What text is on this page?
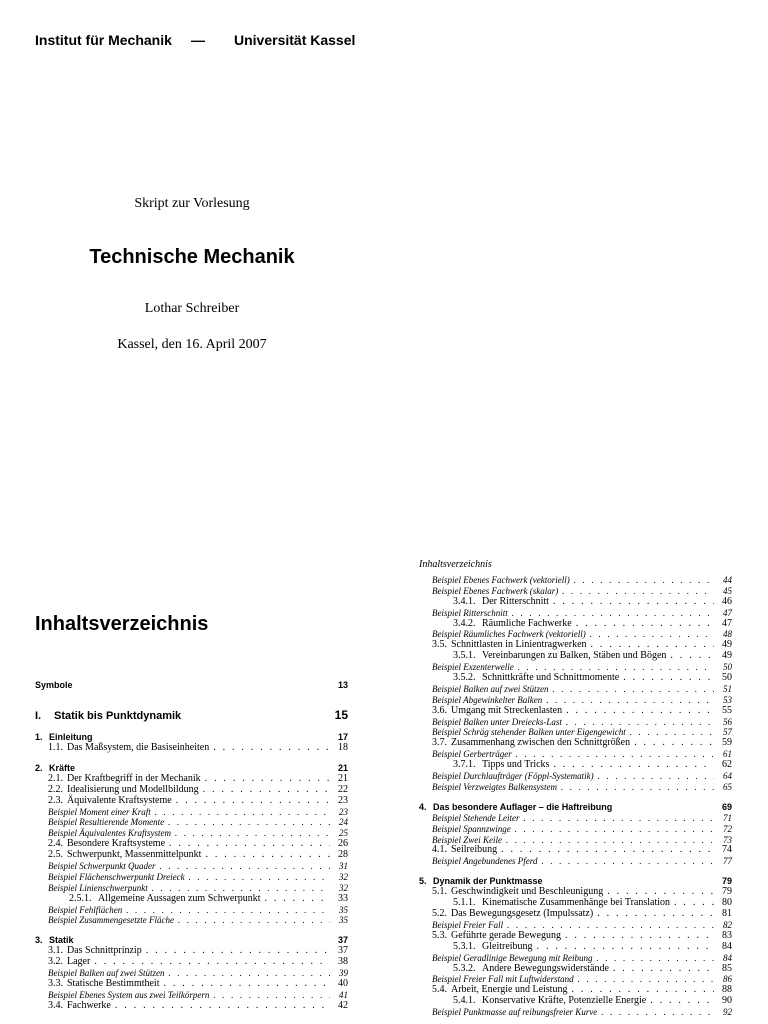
Institut für Mechanik — Universität Kassel
Skript zur Vorlesung
Technische Mechanik
Lothar Schreiber
Kassel, den 16. April 2007
Inhaltsverzeichnis
Symbole	13
I.	Statik bis Punktdynamik	15
1. Einleitung	17
1.1. Das Maßsystem, die Basiseinheiten . . .	18
2. Kräfte	21
2.1. Der Kraftbegriff in der Mechanik . . .	21
2.2. Idealisierung und Modellbildung . . .	22
2.3. Äquivalente Kraftsysteme . . .	23
Beispiel Moment einer Kraft . . .	23
Beispiel Resultierende Momente . . .	24
Beispiel Äquivalentes Kraftsystem . . .	25
2.4. Besondere Kraftsysteme . . .	26
2.5. Schwerpunkt, Massenmittelpunkt . . .	28
Beispiel Schwerpunkt Quader . . .	31
Beispiel Flächenschwerpunkt Dreieck . . .	32
Beispiel Linienschwerpunkt . . .	32
2.5.1. Allgemeine Aussagen zum Schwerpunkt . . .	33
Beispiel Fehlflächen . . .	35
Beispiel Zusammengesetzte Fläche . . .	35
3. Statik	37
3.1. Das Schnittprinzip . . .	37
3.2. Lager . . .	38
Beispiel Balken auf zwei Stützen . . .	39
3.3. Statische Bestimmtheit . . .	40
Beispiel Ebenes System aus zwei Teilkörpern . . .	41
3.4. Fachwerke . . .	42
Inhaltsverzeichnis
Beispiel Ebenes Fachwerk (vektoriell) . . .	44
Beispiel Ebenes Fachwerk (skalar) . . .	45
3.4.1. Der Ritterschnitt . . .	46
Beispiel Ritterschnitt . . .	47
3.4.2. Räumliche Fachwerke . . .	47
Beispiel Räumliches Fachwerk (vektoriell) . . .	48
3.5. Schnittlasten in Linientragwerken . . .	49
3.5.1. Vereinbarungen zu Balken, Stäben und Bögen . . .	49
Beispiel Exzenterwelle . . .	50
3.5.2. Schnittkräfte und Schnittmomente . . .	50
Beispiel Balken auf zwei Stützen . . .	51
Beispiel Abgewinkelter Balken . . .	53
3.6. Umgang mit Streckenlasten . . .	55
Beispiel Balken unter Dreiecks-Last . . .	56
Beispiel Schräg stehender Balken unter Eigengewicht . . .	57
3.7. Zusammenhang zwischen den Schnittgrößen . . .	59
Beispiel Gerberträger . . .	61
3.7.1. Tipps und Tricks . . .	62
Beispiel Durchlaufträger (Föppl-Systematik) . . .	64
Beispiel Verzweigtes Balkensystem . . .	65
4. Das besondere Auflager – die Haftreibung	69
Beispiel Stehende Leiter . . .	71
Beispiel Spannzwinge . . .	72
Beispiel Zwei Keile . . .	73
4.1. Seilreibung . . .	74
Beispiel Angebundenes Pferd . . .	77
5. Dynamik der Punktmasse	79
5.1. Geschwindigkeit und Beschleunigung . . .	79
5.1.1. Kinematische Zusammenhänge bei Translation . . .	80
5.2. Das Bewegungsgesetz (Impulssatz) . . .	81
Beispiel Freier Fall . . .	82
5.3. Geführte gerade Bewegung . . .	83
5.3.1. Gleitreibung . . .	84
Beispiel Geradlinige Bewegung mit Reibung . . .	84
5.3.2. Andere Bewegungswiderstände . . .	85
Beispiel Freier Fall mit Luftwiderstand . . .	86
5.4. Arbeit, Energie und Leistung . . .	88
5.4.1. Konservative Kräfte, Potenzielle Energie . . .	90
Beispiel Punktmasse auf reibungsfreier Kurve . . .	92
